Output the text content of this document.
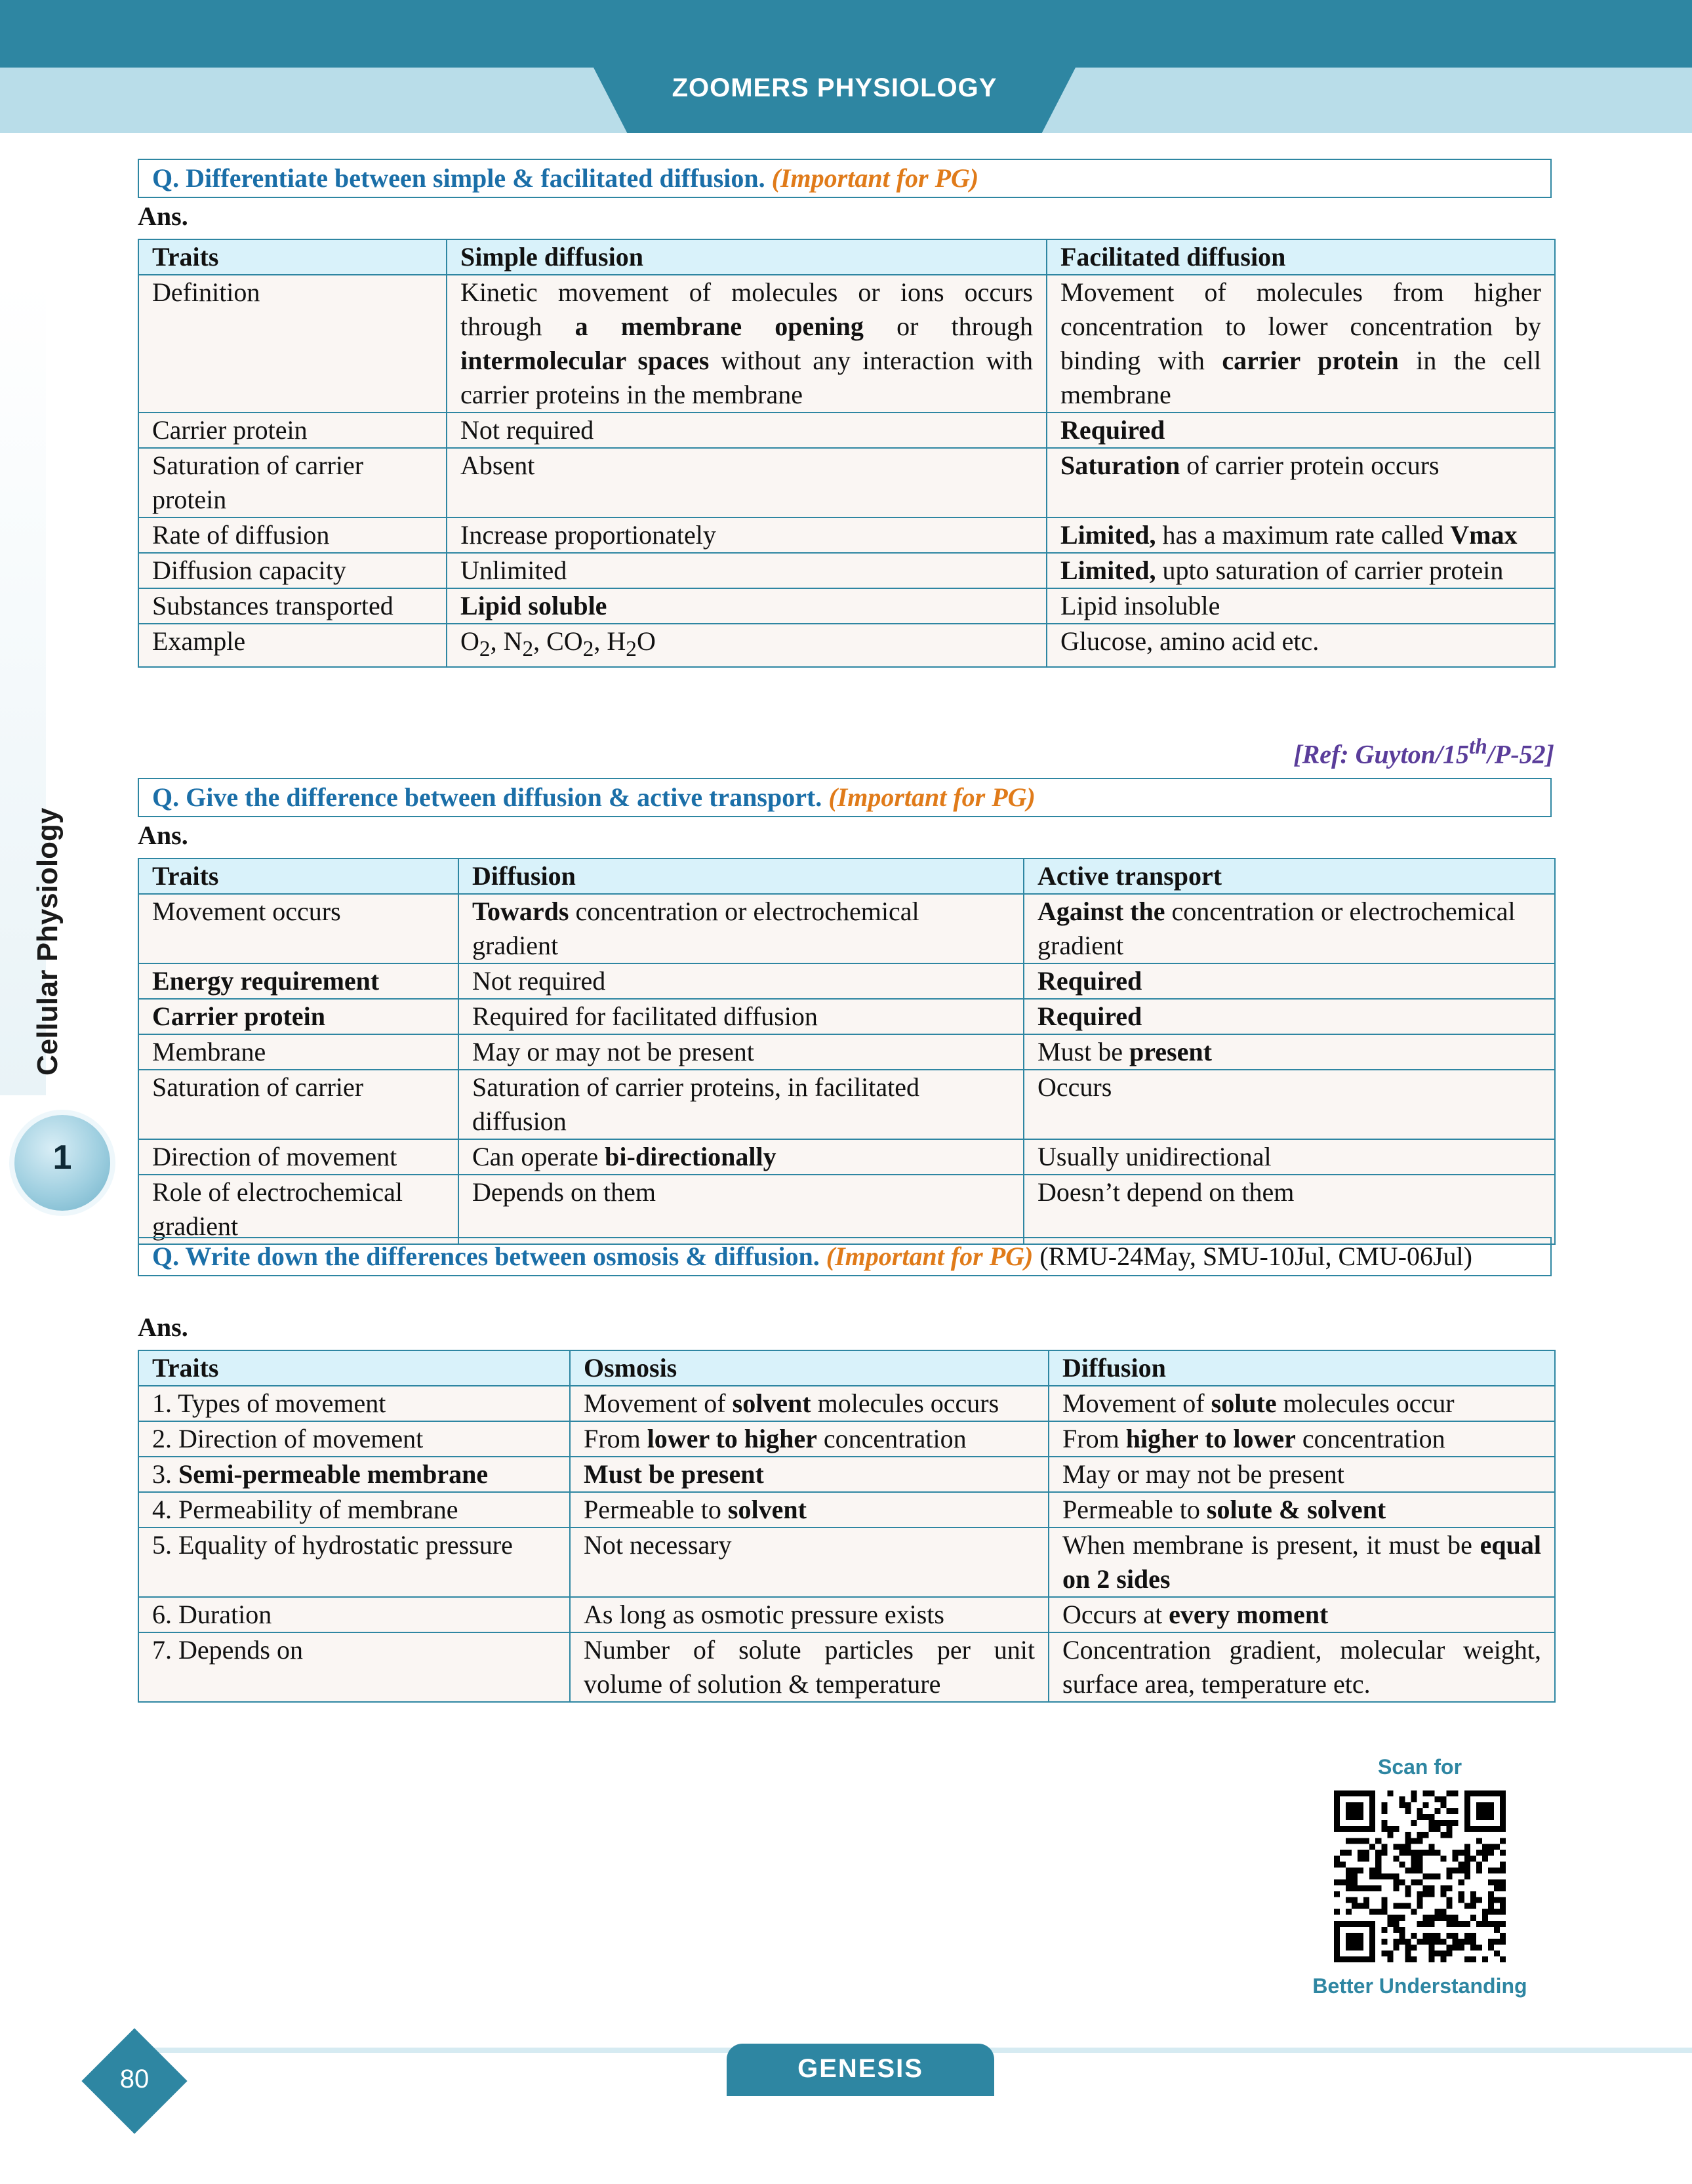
ZOOMERS PHYSIOLOGY
Cellular Physiology
1
Q. Differentiate between simple & facilitated diffusion. (Important for PG)
Ans.
Traits	Simple diffusion	Facilitated diffusion
Definition	Kinetic movement of molecules or ions occurs through a membrane opening or through intermolecular spaces without any interaction with carrier proteins in the membrane	Movement of molecules from higher concentration to lower concentration by binding with carrier protein in the cell membrane
Carrier protein	Not required	Required
Saturation of carrier protein	Absent	Saturation of carrier protein occurs
Rate of diffusion	Increase proportionately	Limited, has a maximum rate called Vmax
Diffusion capacity	Unlimited	Limited, upto saturation of carrier protein
Substances transported	Lipid soluble	Lipid insoluble
Example	$O_2$, $N_2$, $CO_2$, $H_2O$	Glucose, amino acid etc.
[Ref: Guyton/15th/P-52]
Q. Give the difference between diffusion & active transport. (Important for PG)
Ans.
Traits	Diffusion	Active transport
Movement occurs	Towards concentration or electrochemical gradient	Against the concentration or electrochemical gradient
Energy requirement	Not required	Required
Carrier protein	Required for facilitated diffusion	Required
Membrane	May or may not be present	Must be present
Saturation of carrier	Saturation of carrier proteins, in facilitated diffusion	Occurs
Direction of movement	Can operate bi-directionally	Usually unidirectional
Role of electrochemical gradient	Depends on them	Doesn’t depend on them
Q. Write down the differences between osmosis & diffusion. (Important for PG) (RMU-24May, SMU-10Jul, CMU-06Jul)
Ans.
Traits	Osmosis	Diffusion
1. Types of movement	Movement of solvent molecules occurs	Movement of solute molecules occur
2. Direction of movement	From lower to higher concentration	From higher to lower concentration
3. Semi-permeable membrane	Must be present	May or may not be present
4. Permeability of membrane	Permeable to solvent	Permeable to solute & solvent
5. Equality of hydrostatic pressure	Not necessary	When membrane is present, it must be equal on 2 sides
6. Duration	As long as osmotic pressure exists	Occurs at every moment
7. Depends on	Number of solute particles per unit volume of solution & temperature	Concentration gradient, molecular weight, surface area, temperature etc.
Scan for
Better Understanding
GENESIS
80
